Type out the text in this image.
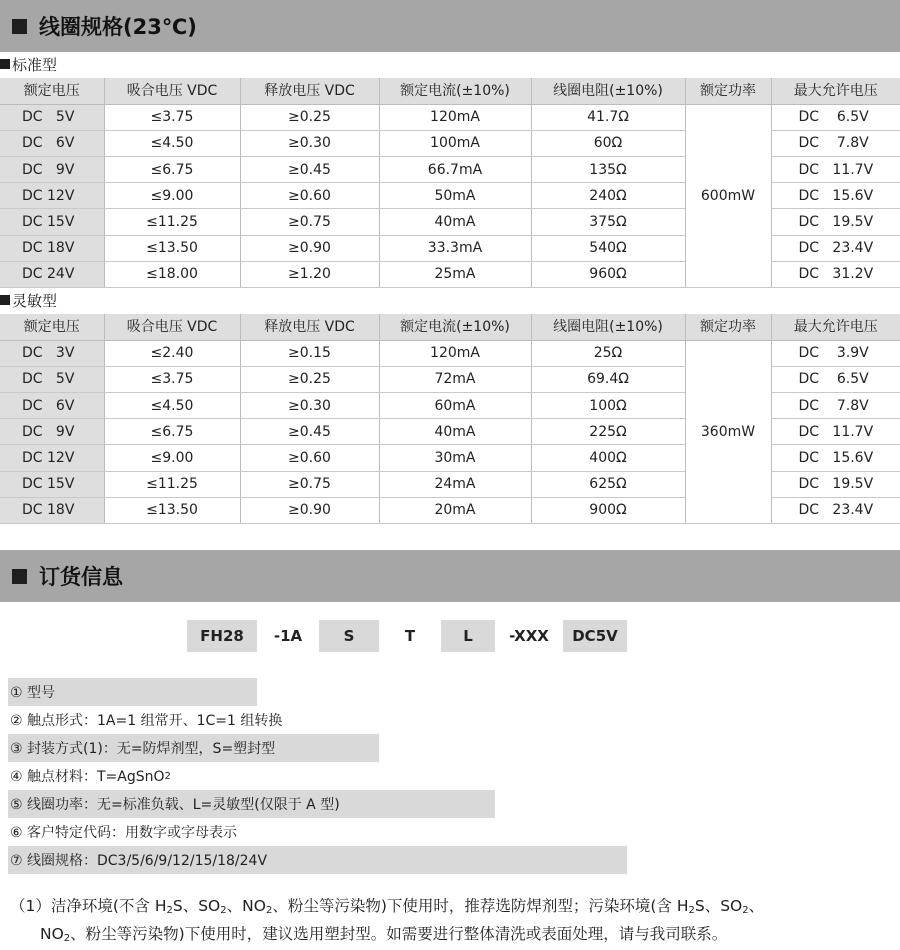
线圈规格(23℃)
标准型
额定电压	吸合电压 VDC	释放电压 VDC	额定电流(±10%)	线圈电阻(±10%)	额定功率	最大允许电压
DC   5V	≤3.75	≥0.25	120mA	41.7Ω	600mW	DC    6.5V
DC   6V	≤4.50	≥0.30	100mA	60Ω		DC    7.8V
DC   9V	≤6.75	≥0.45	66.7mA	135Ω		DC   11.7V
DC 12V	≤9.00	≥0.60	50mA	240Ω		DC   15.6V
DC 15V	≤11.25	≥0.75	40mA	375Ω		DC   19.5V
DC 18V	≤13.50	≥0.90	33.3mA	540Ω		DC   23.4V
DC 24V	≤18.00	≥1.20	25mA	960Ω		DC   31.2V
灵敏型
额定电压	吸合电压 VDC	释放电压 VDC	额定电流(±10%)	线圈电阻(±10%)	额定功率	最大允许电压
DC   3V	≤2.40	≥0.15	120mA	25Ω	360mW	DC    3.9V
DC   5V	≤3.75	≥0.25	72mA	69.4Ω		DC    6.5V
DC   6V	≤4.50	≥0.30	60mA	100Ω		DC    7.8V
DC   9V	≤6.75	≥0.45	40mA	225Ω		DC   11.7V
DC 12V	≤9.00	≥0.60	30mA	400Ω		DC   15.6V
DC 15V	≤11.25	≥0.75	24mA	625Ω		DC   19.5V
DC 18V	≤13.50	≥0.90	20mA	900Ω		DC   23.4V
订货信息
FH28	-1A	S	T	L	-XXX	DC5V
① 型号
② 触点形式：1A=1 组常开、1C=1 组转换
③ 封装方式(1)：无=防焊剂型，S=塑封型
④ 触点材料：T=AgSnO 2
⑤ 线圈功率：无=标准负载、L=灵敏型(仅限于 A 型)
⑥ 客户特定代码：用数字或字母表示
⑦ 线圈规格：DC3/5/6/9/12/15/18/24V
（1）洁净环境(不含 $H_2S$、$SO_2$、$NO_2$、粉尘等污染物)下使用时，推荐选防焊剂型；污染环境(含 $H_2S$、$SO_2$、
$NO_2$、粉尘等污染物)下使用时，建议选用塑封型。如需要进行整体清洗或表面处理，请与我司联系。
